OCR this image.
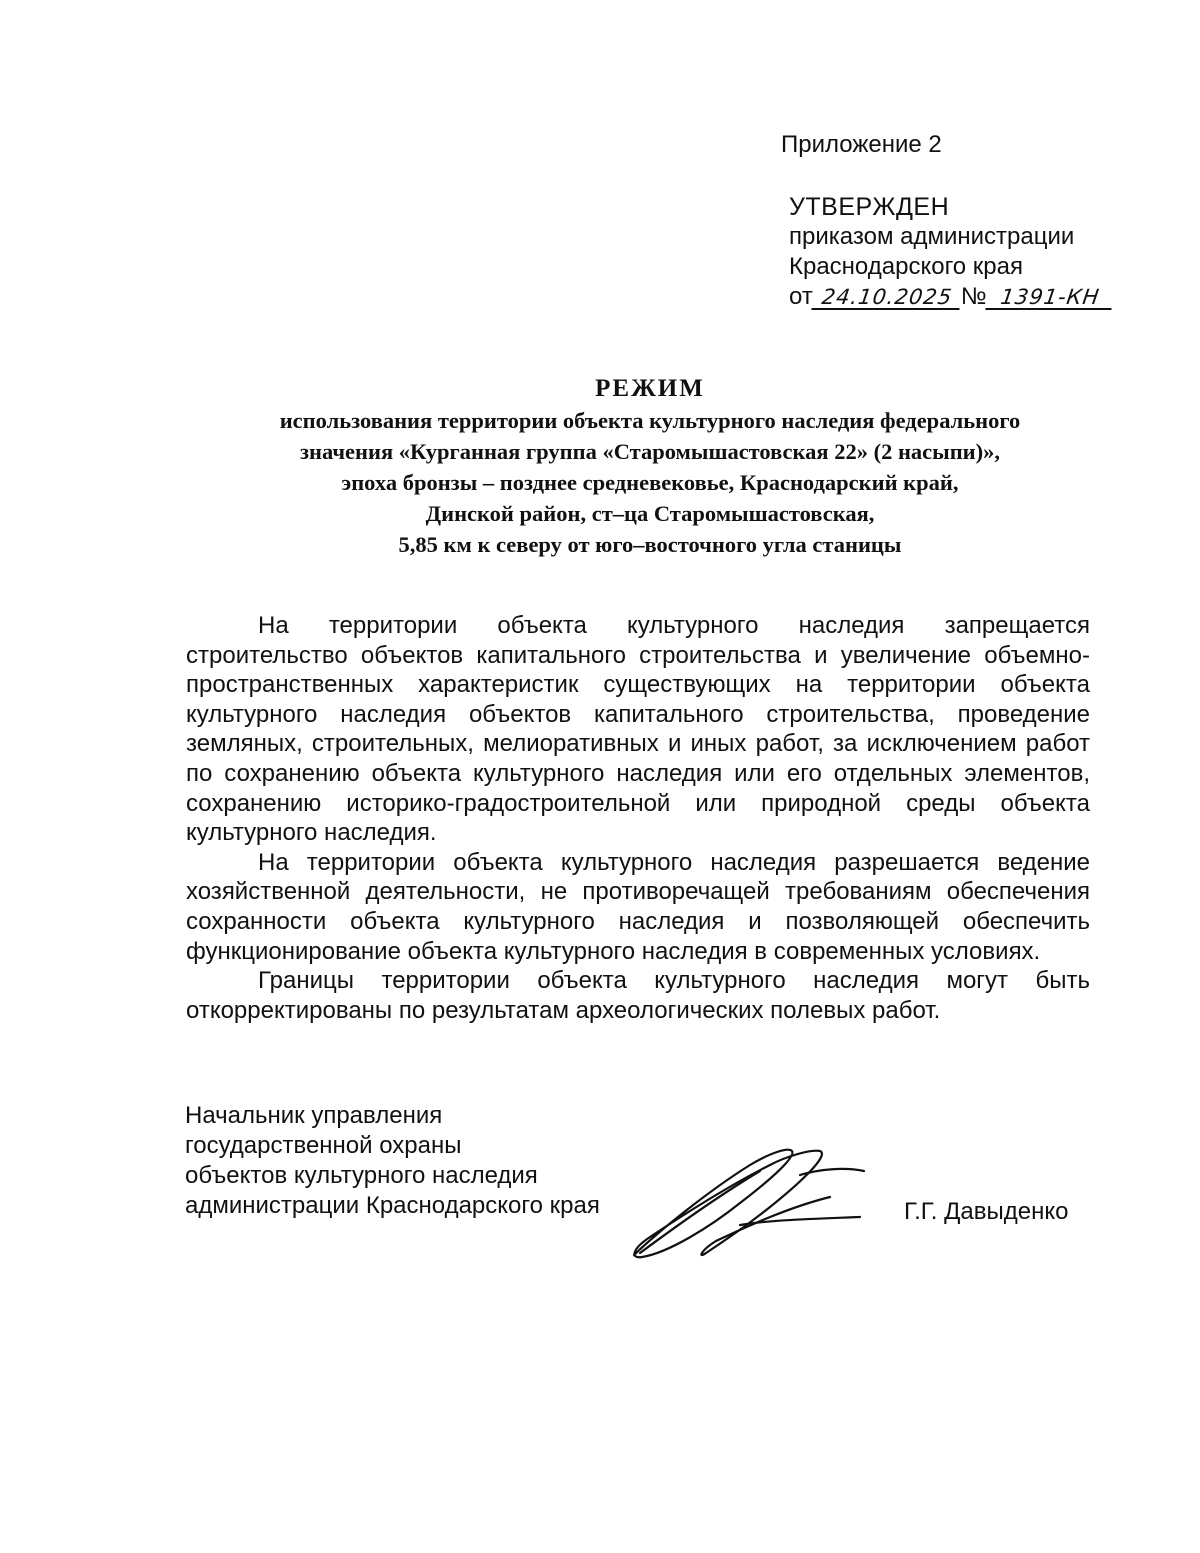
Приложение 2
УТВЕРЖДЕН
приказом администрации
Краснодарского края
от 24.10.2025 № 1391-КН
РЕЖИМ
использования территории объекта культурного наследия федерального
значения «Курганная группа «Старомышастовская 22» (2 насыпи)»,
эпоха бронзы – позднее средневековье, Краснодарский край,
Динской район, ст–ца Старомышастовская,
5,85 км к северу от юго–восточного угла станицы

На территории объекта культурного наследия запрещается строительство объектов капитального строительства и увеличение объемно-пространственных характеристик существующих на территории объекта культурного наследия объектов капитального строительства, проведение земляных, строительных, мелиоративных и иных работ, за исключением работ по сохранению объекта культурного наследия или его отдельных элементов, сохранению историко-градостроительной или природной среды объекта культурного наследия.

На территории объекта культурного наследия разрешается ведение хозяйственной деятельности, не противоречащей требованиям обеспечения сохранности объекта культурного наследия и позволяющей обеспечить функционирование объекта культурного наследия в современных условиях.

Границы территории объекта культурного наследия могут быть откорректированы по результатам археологических полевых работ.

Начальник управления
государственной охраны
объектов культурного наследия
администрации Краснодарского края	Г.Г. Давыденко
